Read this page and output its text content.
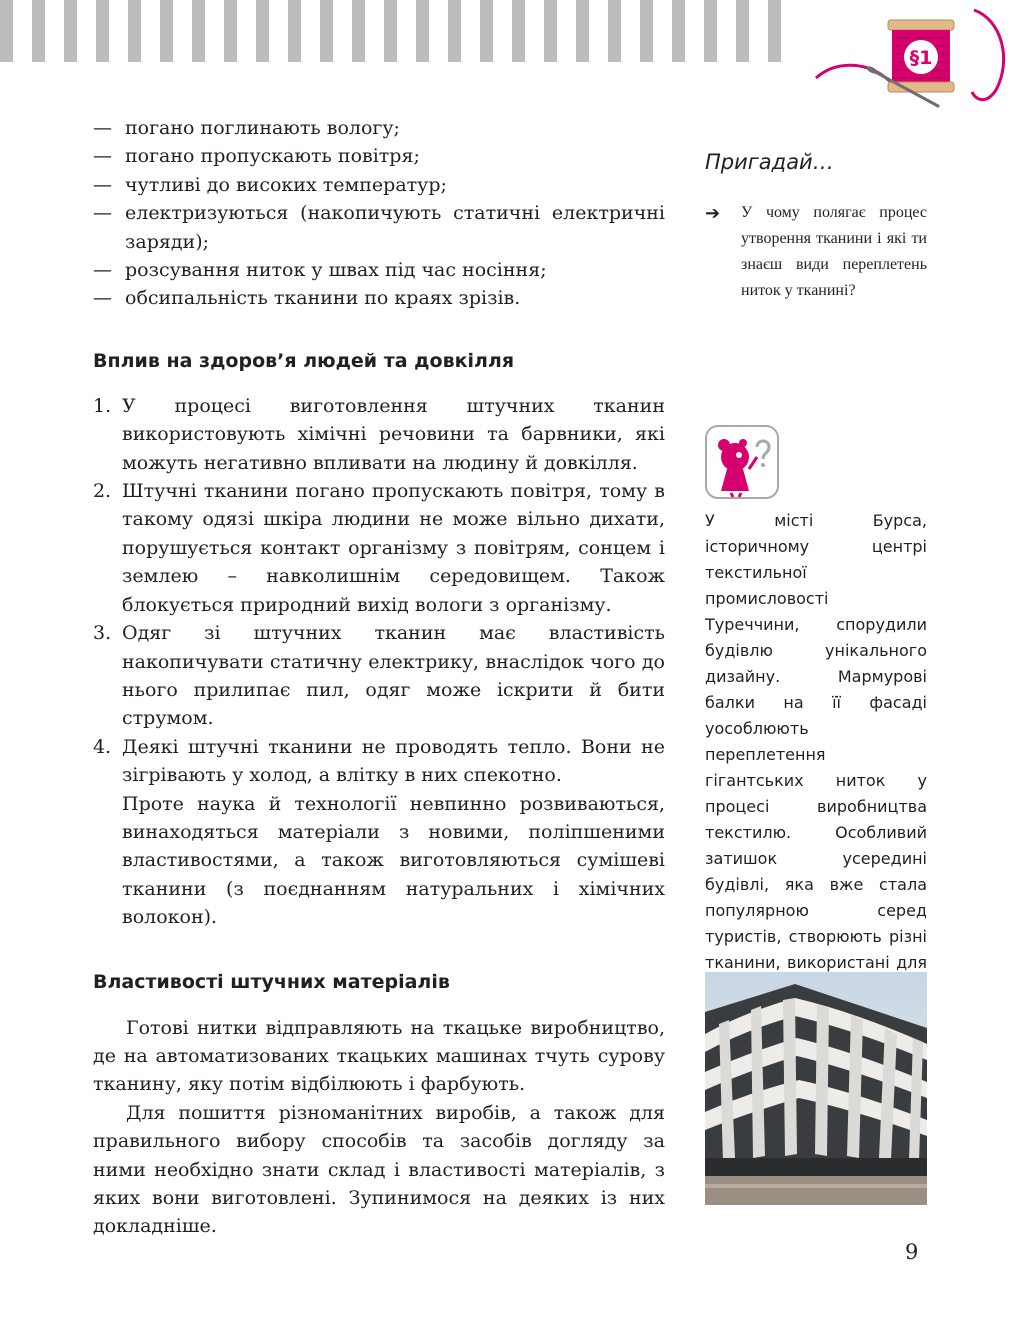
§1
— погано поглинають вологу;
— погано пропускають повітря;
— чутливі до високих температур;
— електризуються (накопичують статичні електричні заряди);
— розсування ниток у швах під час носіння;
— обсипальність тканини по краях зрізів.
Вплив на здоров’я людей та довкілля
1. У процесі виготовлення штучних тканин використовують хімічні речовини та барвники, які можуть негативно впливати на людину й довкілля.
2. Штучні тканини погано пропускають повітря, тому в такому одязі шкіра людини не може вільно дихати, порушується контакт організму з повітрям, сонцем і землею – навколишнім середовищем. Також блокується природний вихід вологи з організму.
3. Одяг зі штучних тканин має властивість накопичувати статичну електрику, внаслідок чого до нього прилипає пил, одяг може іскрити й бити струмом.
4. Деякі штучні тканини не проводять тепло. Вони не зігрівають у холод, а влітку в них спекотно.

Проте наука й технології невпинно розвиваються, винаходяться матеріали з новими, поліпшеними властивостями, а також виготовляються сумішеві тканини (з поєднанням натуральних і хімічних волокон).

Властивості штучних матеріалів

Готові нитки відправляють на ткацьке виробництво, де на автоматизованих ткацьких машинах тчуть сурову тканину, яку потім відбілюють і фарбують.

Для пошиття різноманітних виробів, а також для правильного вибору способів та засобів догляду за ними необхідно знати склад і властивості матеріалів, з яких вони виготовлені. Зупинимося на деяких із них докладніше.

Пригадай…
➔ У чому полягає процес утворення тканини і які ти знаєш види переплетень ниток у тканині?
У місті Бурса, історичному центрі текстильної промисловості Туреччини, спорудили будівлю унікального дизайну. Мармурові балки на її фасаді уособлюють переплетення гігантських ниток у процесі виробництва текстилю. Особливий затишок усередині будівлі, яка вже стала популярною серед туристів, створюють різні тканини, використані для
9
